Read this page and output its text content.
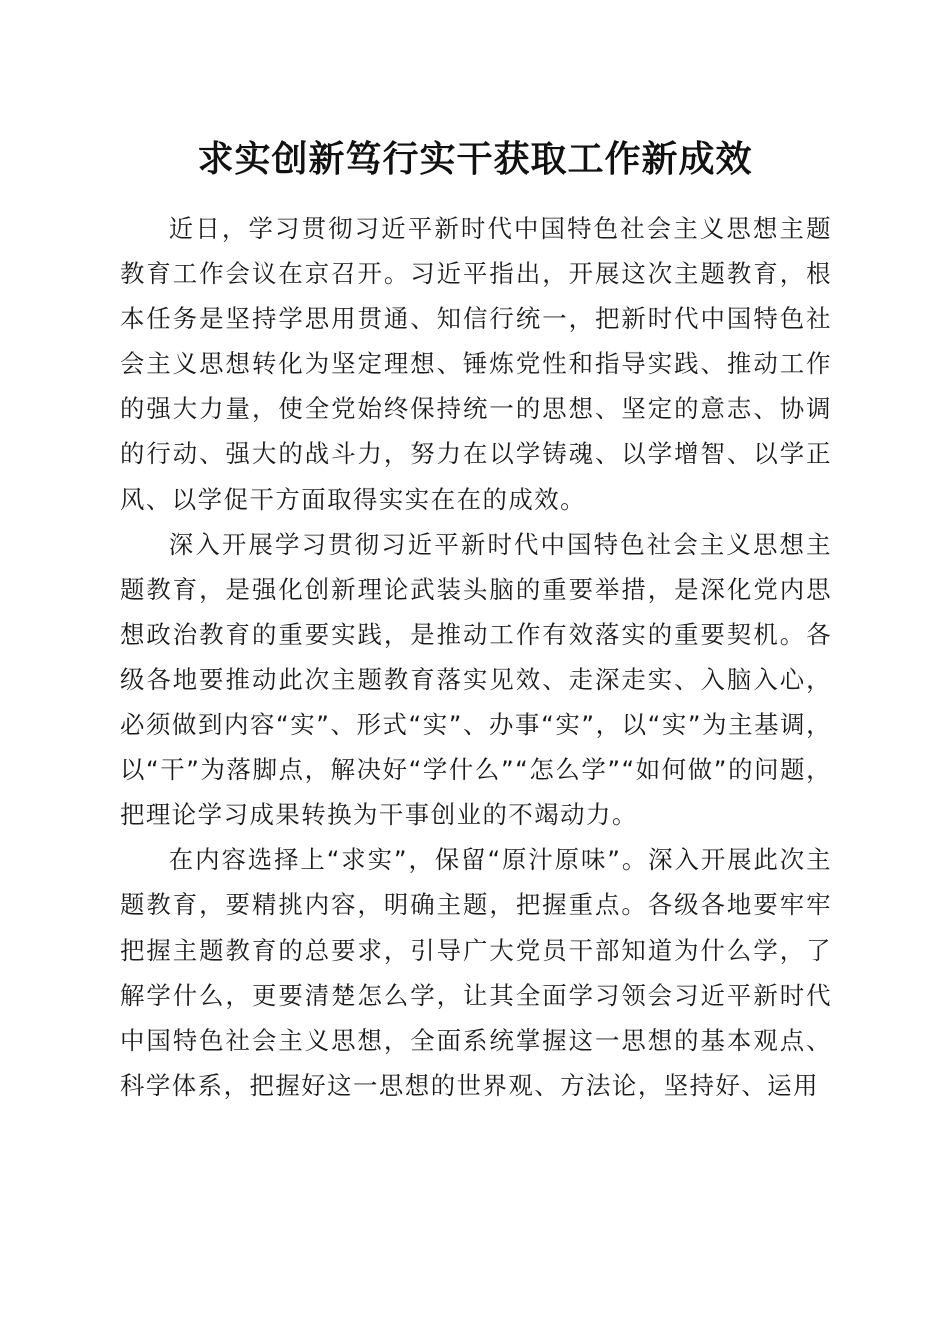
求实创新笃行实干获取工作新成效

近日，学习贯彻习近平新时代中国特色社会主义思想主题教育工作会议在京召开。习近平指出，开展这次主题教育，根本任务是坚持学思用贯通、知信行统一，把新时代中国特色社会主义思想转化为坚定理想、锤炼党性和指导实践、推动工作的强大力量，使全党始终保持统一的思想、坚定的意志、协调的行动、强大的战斗力，努力在以学铸魂、以学增智、以学正风、以学促干方面取得实实在在的成效。

深入开展学习贯彻习近平新时代中国特色社会主义思想主题教育，是强化创新理论武装头脑的重要举措，是深化党内思想政治教育的重要实践，是推动工作有效落实的重要契机。各级各地要推动此次主题教育落实见效、走深走实、入脑入心，必须做到内容“实”、形式“实”、办事“实”，以“实”为主基调，以“干”为落脚点，解决好“学什么”“怎么学”“如何做”的问题，把理论学习成果转换为干事创业的不竭动力。

在内容选择上“求实”，保留“原汁原味”。深入开展此次主题教育，要精挑内容，明确主题，把握重点。各级各地要牢牢把握主题教育的总要求，引导广大党员干部知道为什么学，了解学什么，更要清楚怎么学，让其全面学习领会习近平新时代中国特色社会主义思想，全面系统掌握这一思想的基本观点、科学体系，把握好这一思想的世界观、方法论，坚持好、运用
